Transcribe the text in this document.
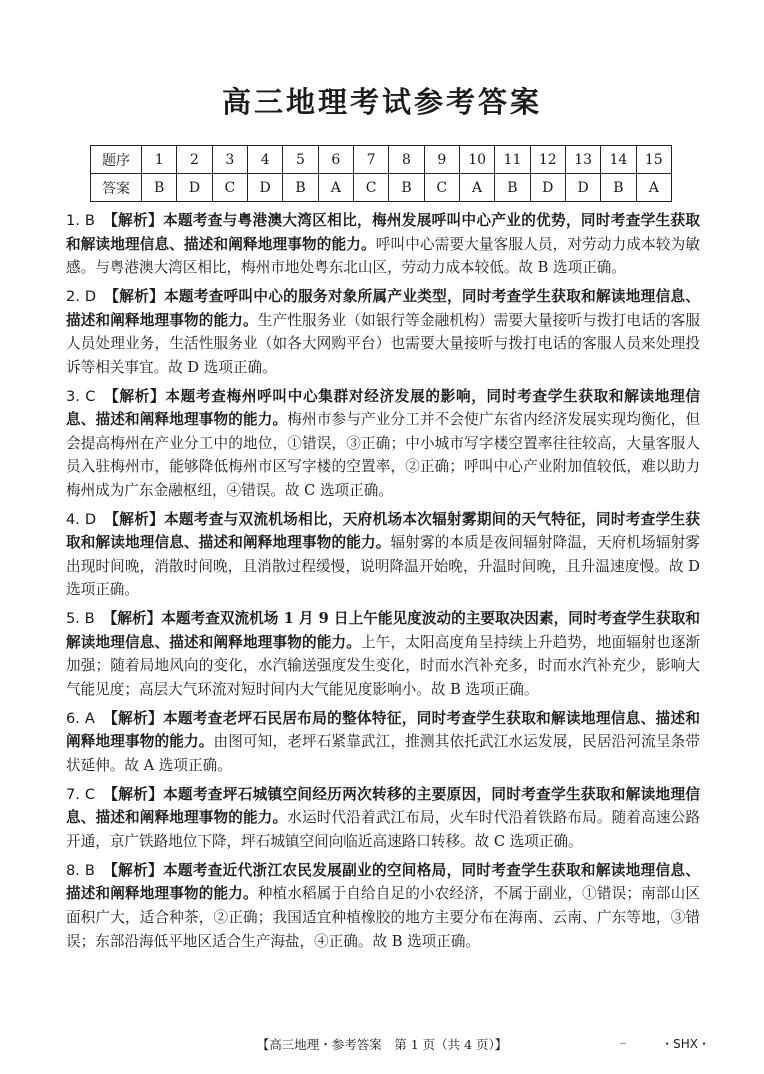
高三地理考试参考答案
题序	1	2	3	4	5	6	7	8	9	10	11	12	13	14	15
答案	B	D	C	D	B	A	C	B	C	A	B	D	D	B	A
1. B 【解析】本题考查与粤港澳大湾区相比，梅州发展呼叫中心产业的优势，同时考查学生获取和解读地理信息、描述和阐释地理事物的能力。呼叫中心需要大量客服人员，对劳动力成本较为敏感。与粤港澳大湾区相比，梅州市地处粤东北山区，劳动力成本较低。故 B 选项正确。
2. D 【解析】本题考查呼叫中心的服务对象所属产业类型，同时考查学生获取和解读地理信息、描述和阐释地理事物的能力。生产性服务业（如银行等金融机构）需要大量接听与拨打电话的客服人员处理业务，生活性服务业（如各大网购平台）也需要大量接听与拨打电话的客服人员来处理投诉等相关事宜。故 D 选项正确。
3. C 【解析】本题考查梅州呼叫中心集群对经济发展的影响，同时考查学生获取和解读地理信息、描述和阐释地理事物的能力。梅州市参与产业分工并不会使广东省内经济发展实现均衡化，但会提高梅州在产业分工中的地位，①错误，③正确；中小城市写字楼空置率往往较高，大量客服人员入驻梅州市，能够降低梅州市区写字楼的空置率，②正确；呼叫中心产业附加值较低，难以助力梅州成为广东金融枢纽，④错误。故 C 选项正确。
4. D 【解析】本题考查与双流机场相比，天府机场本次辐射雾期间的天气特征，同时考查学生获取和解读地理信息、描述和阐释地理事物的能力。辐射雾的本质是夜间辐射降温，天府机场辐射雾出现时间晚，消散时间晚，且消散过程缓慢，说明降温开始晚，升温时间晚，且升温速度慢。故 D 选项正确。
5. B 【解析】本题考查双流机场 1 月 9 日上午能见度波动的主要取决因素，同时考查学生获取和解读地理信息、描述和阐释地理事物的能力。上午，太阳高度角呈持续上升趋势，地面辐射也逐渐加强；随着局地风向的变化，水汽输送强度发生变化，时而水汽补充多，时而水汽补充少，影响大气能见度；高层大气环流对短时间内大气能见度影响小。故 B 选项正确。
6. A 【解析】本题考查老坪石民居布局的整体特征，同时考查学生获取和解读地理信息、描述和阐释地理事物的能力。由图可知，老坪石紧靠武江，推测其依托武江水运发展，民居沿河流呈条带状延伸。故 A 选项正确。
7. C 【解析】本题考查坪石城镇空间经历两次转移的主要原因，同时考查学生获取和解读地理信息、描述和阐释地理事物的能力。水运时代沿着武江布局，火车时代沿着铁路布局。随着高速公路开通，京广铁路地位下降，坪石城镇空间向临近高速路口转移。故 C 选项正确。
8. B 【解析】本题考查近代浙江农民发展副业的空间格局，同时考查学生获取和解读地理信息、描述和阐释地理事物的能力。种植水稻属于自给自足的小农经济，不属于副业，①错误；南部山区面积广大，适合种茶，②正确；我国适宜种植橡胶的地方主要分布在海南、云南、广东等地，③错误；东部沿海低平地区适合生产海盐，④正确。故 B 选项正确。
【高三地理・参考答案　第 1 页（共 4 页）】	_	・SHX・
